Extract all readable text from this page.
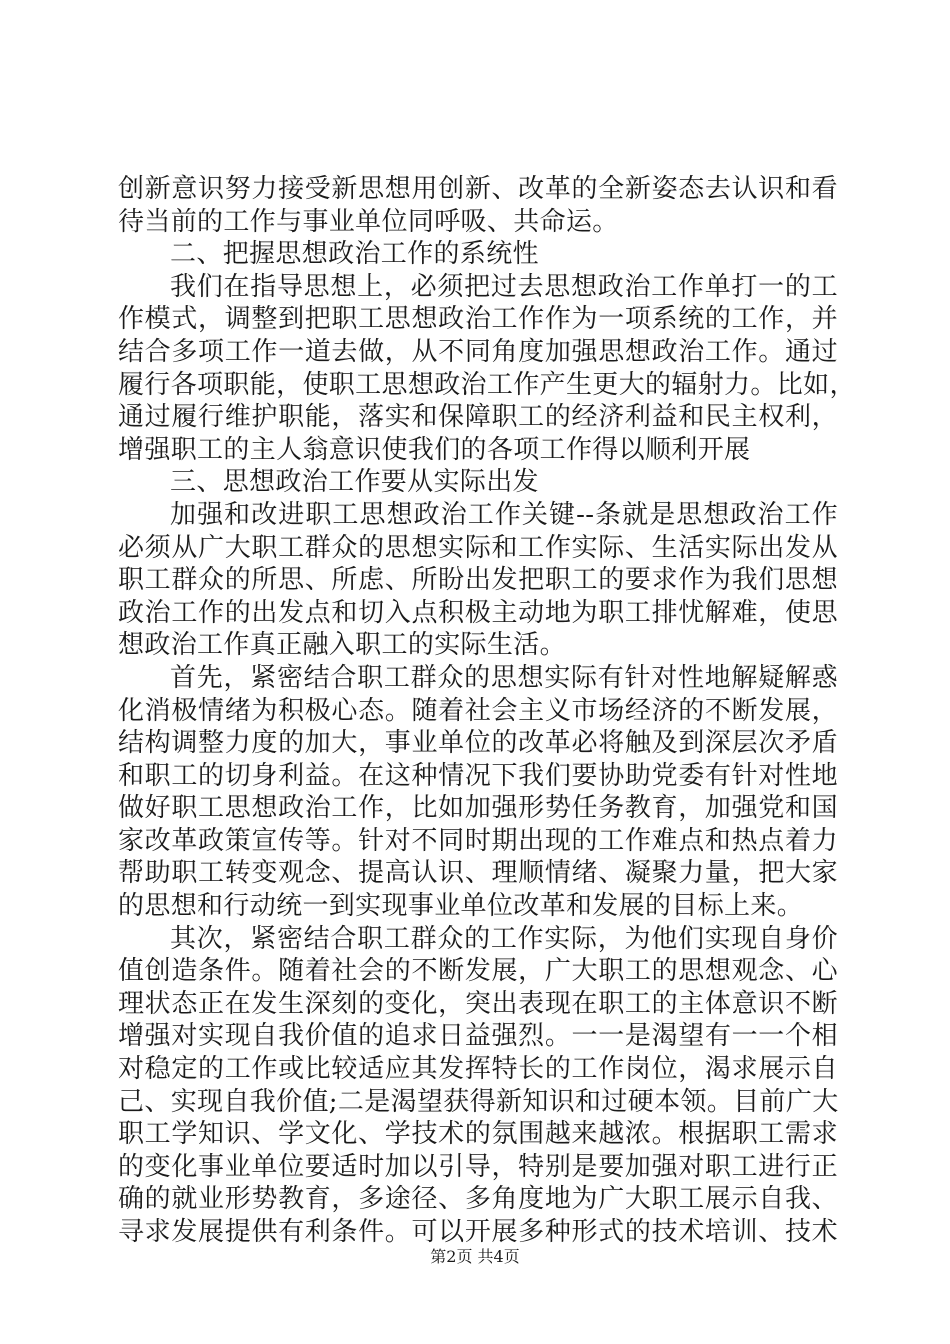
创新意识努力接受新思想用创新、改革的全新姿态去认识和看
待当前的工作与事业单位同呼吸、共命运。
二、把握思想政治工作的系统性
我们在指导思想上，必须把过去思想政治工作单打一的工
作模式，调整到把职工思想政治工作作为一项系统的工作，并
结合多项工作一道去做，从不同角度加强思想政治工作。通过
履行各项职能，使职工思想政治工作产生更大的辐射力。比如，
通过履行维护职能，落实和保障职工的经济利益和民主权利，
增强职工的主人翁意识使我们的各项工作得以顺利开展
三、思想政治工作要从实际出发
加强和改进职工思想政治工作关键--条就是思想政治工作
必须从广大职工群众的思想实际和工作实际、生活实际出发从
职工群众的所思、所虑、所盼出发把职工的要求作为我们思想
政治工作的出发点和切入点积极主动地为职工排忧解难，使思
想政治工作真正融入职工的实际生活。
首先，紧密结合职工群众的思想实际有针对性地解疑解惑
化消极情绪为积极心态。随着社会主义市场经济的不断发展，
结构调整力度的加大，事业单位的改革必将触及到深层次矛盾
和职工的切身利益。在这种情况下我们要协助党委有针对性地
做好职工思想政治工作，比如加强形势任务教育，加强党和国
家改革政策宣传等。针对不同时期出现的工作难点和热点着力
帮助职工转变观念、提高认识、理顺情绪、凝聚力量，把大家
的思想和行动统一到实现事业单位改革和发展的目标上来。
其次，紧密结合职工群众的工作实际，为他们实现自身价
值创造条件。随着社会的不断发展，广大职工的思想观念、心
理状态正在发生深刻的变化，突出表现在职工的主体意识不断
增强对实现自我价值的追求日益强烈。一一是渴望有一一个相
对稳定的工作或比较适应其发挥特长的工作岗位，渴求展示自
己、实现自我价值;二是渴望获得新知识和过硬本领。目前广大
职工学知识、学文化、学技术的氛围越来越浓。根据职工需求
的变化事业单位要适时加以引导，特别是要加强对职工进行正
确的就业形势教育，多途径、多角度地为广大职工展示自我、
寻求发展提供有利条件。可以开展多种形式的技术培训、技术
第2页 共4页
